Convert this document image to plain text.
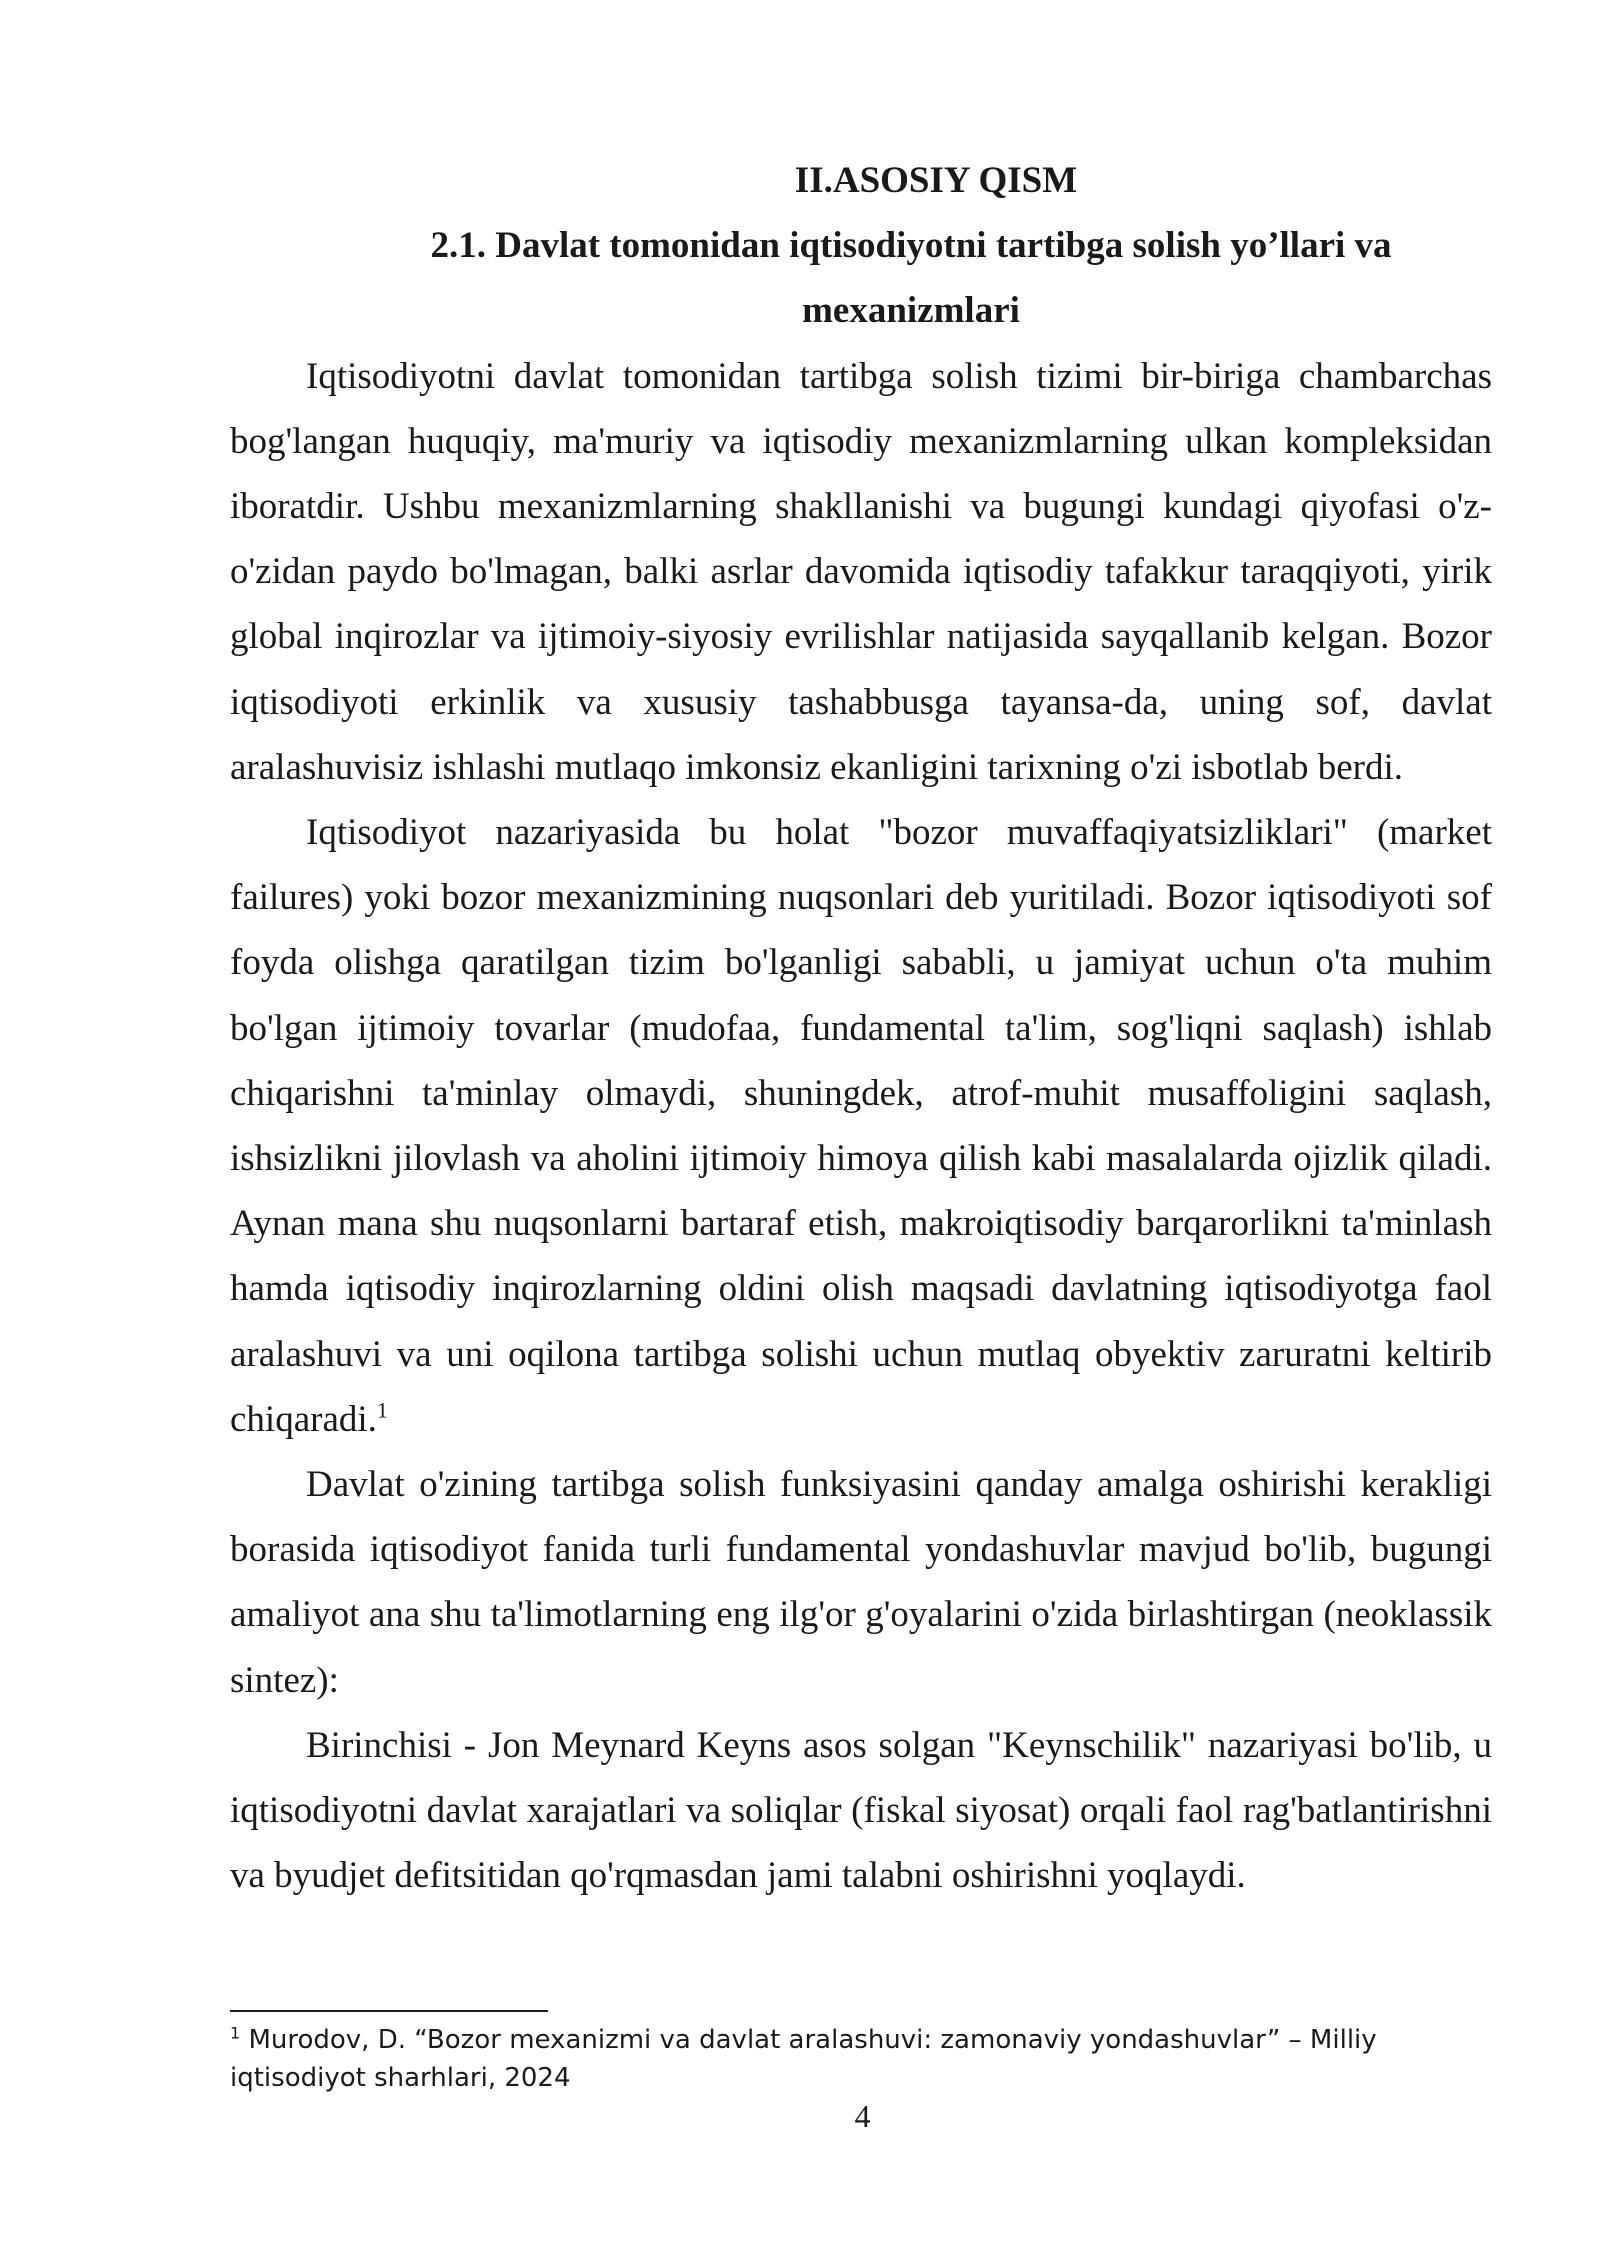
II.ASOSIY QISM

2.1. Davlat tomonidan iqtisodiyotni tartibga solish yo’llari va

mexanizmlari

Iqtisodiyotni davlat tomonidan tartibga solish tizimi bir-biriga chambarchas bog'langan huquqiy, ma'muriy va iqtisodiy mexanizmlarning ulkan kompleksidan iboratdir. Ushbu mexanizmlarning shakllanishi va bugungi kundagi qiyofasi o'z-o'zidan paydo bo'lmagan, balki asrlar davomida iqtisodiy tafakkur taraqqiyoti, yirik global inqirozlar va ijtimoiy-siyosiy evrilishlar natijasida sayqallanib kelgan. Bozor iqtisodiyoti erkinlik va xususiy tashabbusga tayansa-da, uning sof, davlat aralashuvisiz ishlashi mutlaqo imkonsiz ekanligini tarixning o'zi isbotlab berdi.

Iqtisodiyot nazariyasida bu holat "bozor muvaffaqiyatsizliklari" (market failures) yoki bozor mexanizmining nuqsonlari deb yuritiladi. Bozor iqtisodiyoti sof foyda olishga qaratilgan tizim bo'lganligi sababli, u jamiyat uchun o'ta muhim bo'lgan ijtimoiy tovarlar (mudofaa, fundamental ta'lim, sog'liqni saqlash) ishlab chiqarishni ta'minlay olmaydi, shuningdek, atrof-muhit musaffoligini saqlash, ishsizlikni jilovlash va aholini ijtimoiy himoya qilish kabi masalalarda ojizlik qiladi. Aynan mana shu nuqsonlarni bartaraf etish, makroiqtisodiy barqarorlikni ta'minlash hamda iqtisodiy inqirozlarning oldini olish maqsadi davlatning iqtisodiyotga faol aralashuvi va uni oqilona tartibga solishi uchun mutlaq obyektiv zaruratni keltirib chiqaradi.$^1$

Davlat o'zining tartibga solish funksiyasini qanday amalga oshirishi kerakligi borasida iqtisodiyot fanida turli fundamental yondashuvlar mavjud bo'lib, bugungi amaliyot ana shu ta'limotlarning eng ilg'or g'oyalarini o'zida birlashtirgan (neoklassik sintez):

Birinchisi - Jon Meynard Keyns asos solgan "Keynschilik" nazariyasi bo'lib, u iqtisodiyotni davlat xarajatlari va soliqlar (fiskal siyosat) orqali faol rag'batlantirishni va byudjet defitsitidan qo'rqmasdan jami talabni oshirishni yoqlaydi.

$^1$ Murodov, D. “Bozor mexanizmi va davlat aralashuvi: zamonaviy yondashuvlar” – Milliy iqtisodiyot sharhlari, 2024
4
